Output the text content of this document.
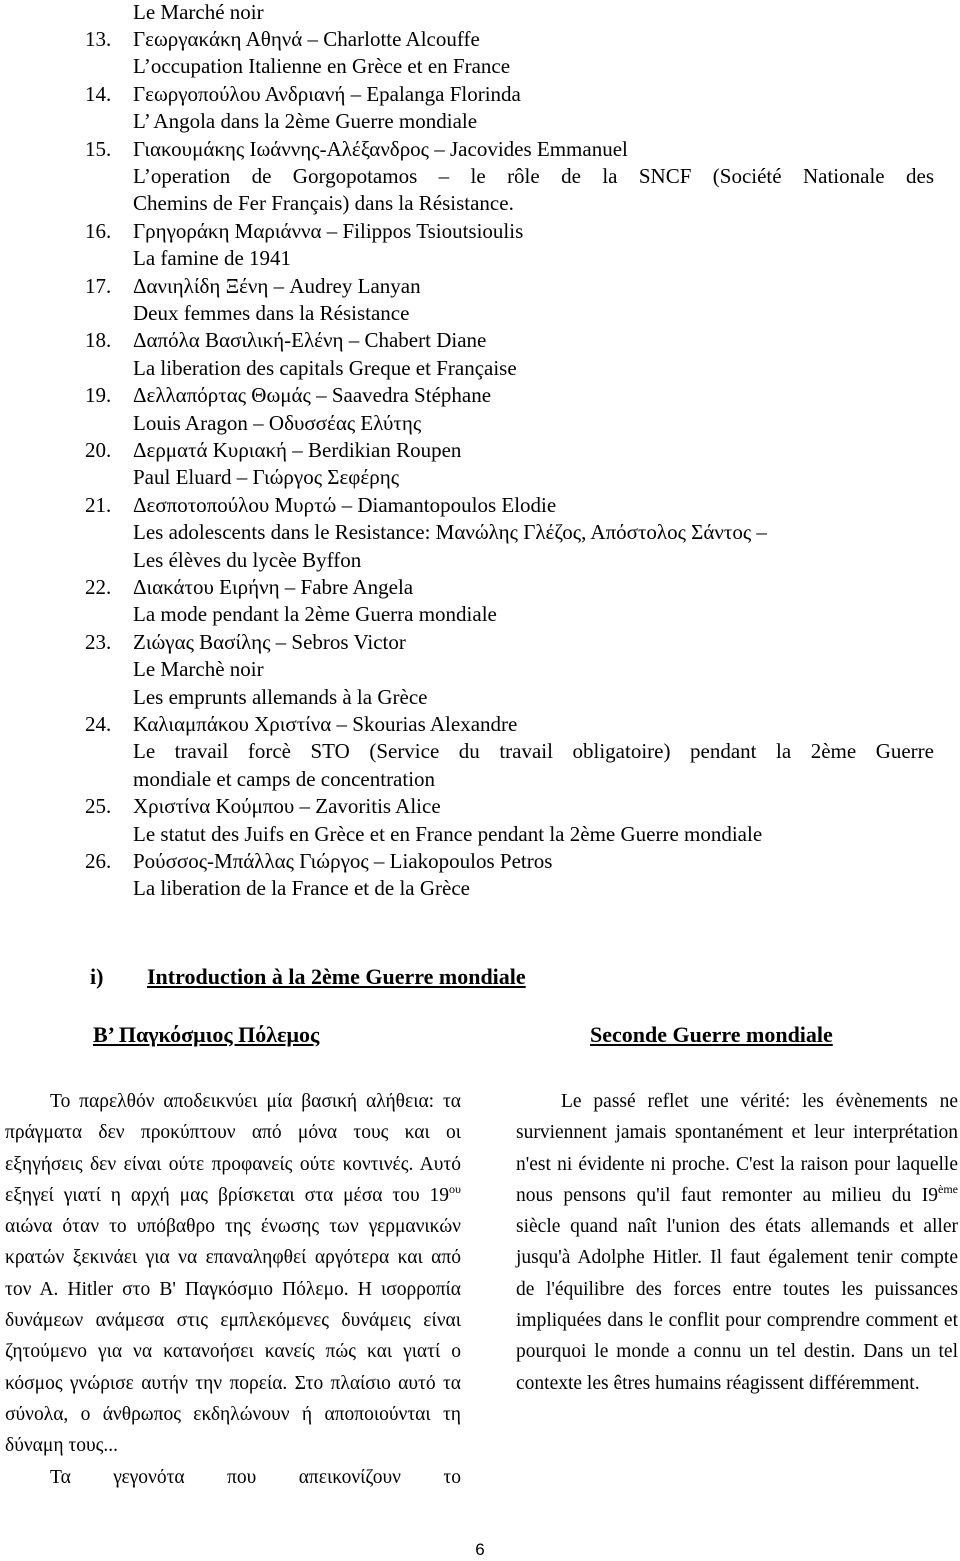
Le Marché noir
13. Γεωργακάκη Αθηνά – Charlotte Alcouffe
L’occupation Italienne en Grèce et en France
14. Γεωργοπούλου Ανδριανή – Epalanga Florinda
L’ Angola dans la 2ème Guerre mondiale
15. Γιακουμάκης Ιωάννης-Αλέξανδρος – Jacovides Emmanuel
L’operation de Gorgopotamos – le rôle de la SNCF (Société Nationale des
Chemins de Fer Français) dans la Résistance.
16. Γρηγοράκη Μαριάννα – Filippos Tsioutsioulis
La famine de 1941
17. Δανιηλίδη Ξένη – Audrey Lanyan
Deux femmes dans la Résistance
18. Δαπόλα Βασιλική-Ελένη – Chabert Diane
La liberation des capitals Greque et Française
19. Δελλαπόρτας Θωμάς – Saavedra Stéphane
Louis Aragon – Οδυσσέας Ελύτης
20. Δερματά Κυριακή – Berdikian Roupen
Paul Eluard – Γιώργος Σεφέρης
21. Δεσποτοπούλου Μυρτώ – Diamantopoulos Elodie
Les adolescents dans le Resistance: Μανώλης Γλέζος, Απόστολος Σάντος –
Les élèves du lycèe Byffon
22. Διακάτου Ειρήνη – Fabre Angela
La mode pendant la 2ème Guerra mondiale
23. Ζιώγας Βασίλης – Sebros Victor
Le Marchè noir
Les emprunts allemands à la Grèce
24. Καλιαμπάκου Χριστίνα – Skourias Alexandre
Le travail forcè STO (Service du travail obligatoire) pendant la 2ème Guerre
mondiale et camps de concentration
25. Χριστίνα Κούμπου – Zavoritis Alice
Le statut des Juifs en Grèce et en France pendant la 2ème Guerre mondiale
26. Ρούσσος-Μπάλλας Γιώργος – Liakopoulos Petros
La liberation de la France et de la Grèce
i) Introduction à la 2ème Guerre mondiale
Β’ Παγκόσμιος Πόλεμος	Seconde Guerre mondiale

Το παρελθόν αποδεικνύει μία βασική αλήθεια: τα πράγματα δεν προκύπτουν από μόνα τους και οι εξηγήσεις δεν είναι ούτε προφανείς ούτε κοντινές. Αυτό εξηγεί γιατί η αρχή μας βρίσκεται στα μέσα του $19^{o\upsilon}$ αιώνα όταν το υπόβαθρο της ένωσης των γερμανικών κρατών ξεκινάει για να επαναληφθεί αργότερα και από τον Α. Hitler στο Β' Παγκόσμιο Πόλεμο. Η ισορροπία δυνάμεων ανάμεσα στις εμπλεκόμενες δυνάμεις είναι ζητούμενο για να κατανοήσει κανείς πώς και γιατί ο κόσμος γνώρισε αυτήν την πορεία. Στο πλαίσιο αυτό τα σύνολα, ο άνθρωπος εκδηλώνουν ή αποποιούνται τη δύναμη τους...

Τα γεγονότα που απεικονίζουν το

Le passé reflet une vérité: les évènements ne surviennent jamais spontanément et leur interprétation n'est ni évidente ni proche. C'est la raison pour laquelle nous pensons qu'il faut remonter au milieu du I9ème siècle quand naît l'union des états allemands et aller jusqu'à Adolphe Hitler. Il faut également tenir compte de l'équilibre des forces entre toutes les puissances impliquées dans le conflit pour comprendre comment et pourquoi le monde a connu un tel destin. Dans un tel contexte les êtres humains réagissent différemment.

6
